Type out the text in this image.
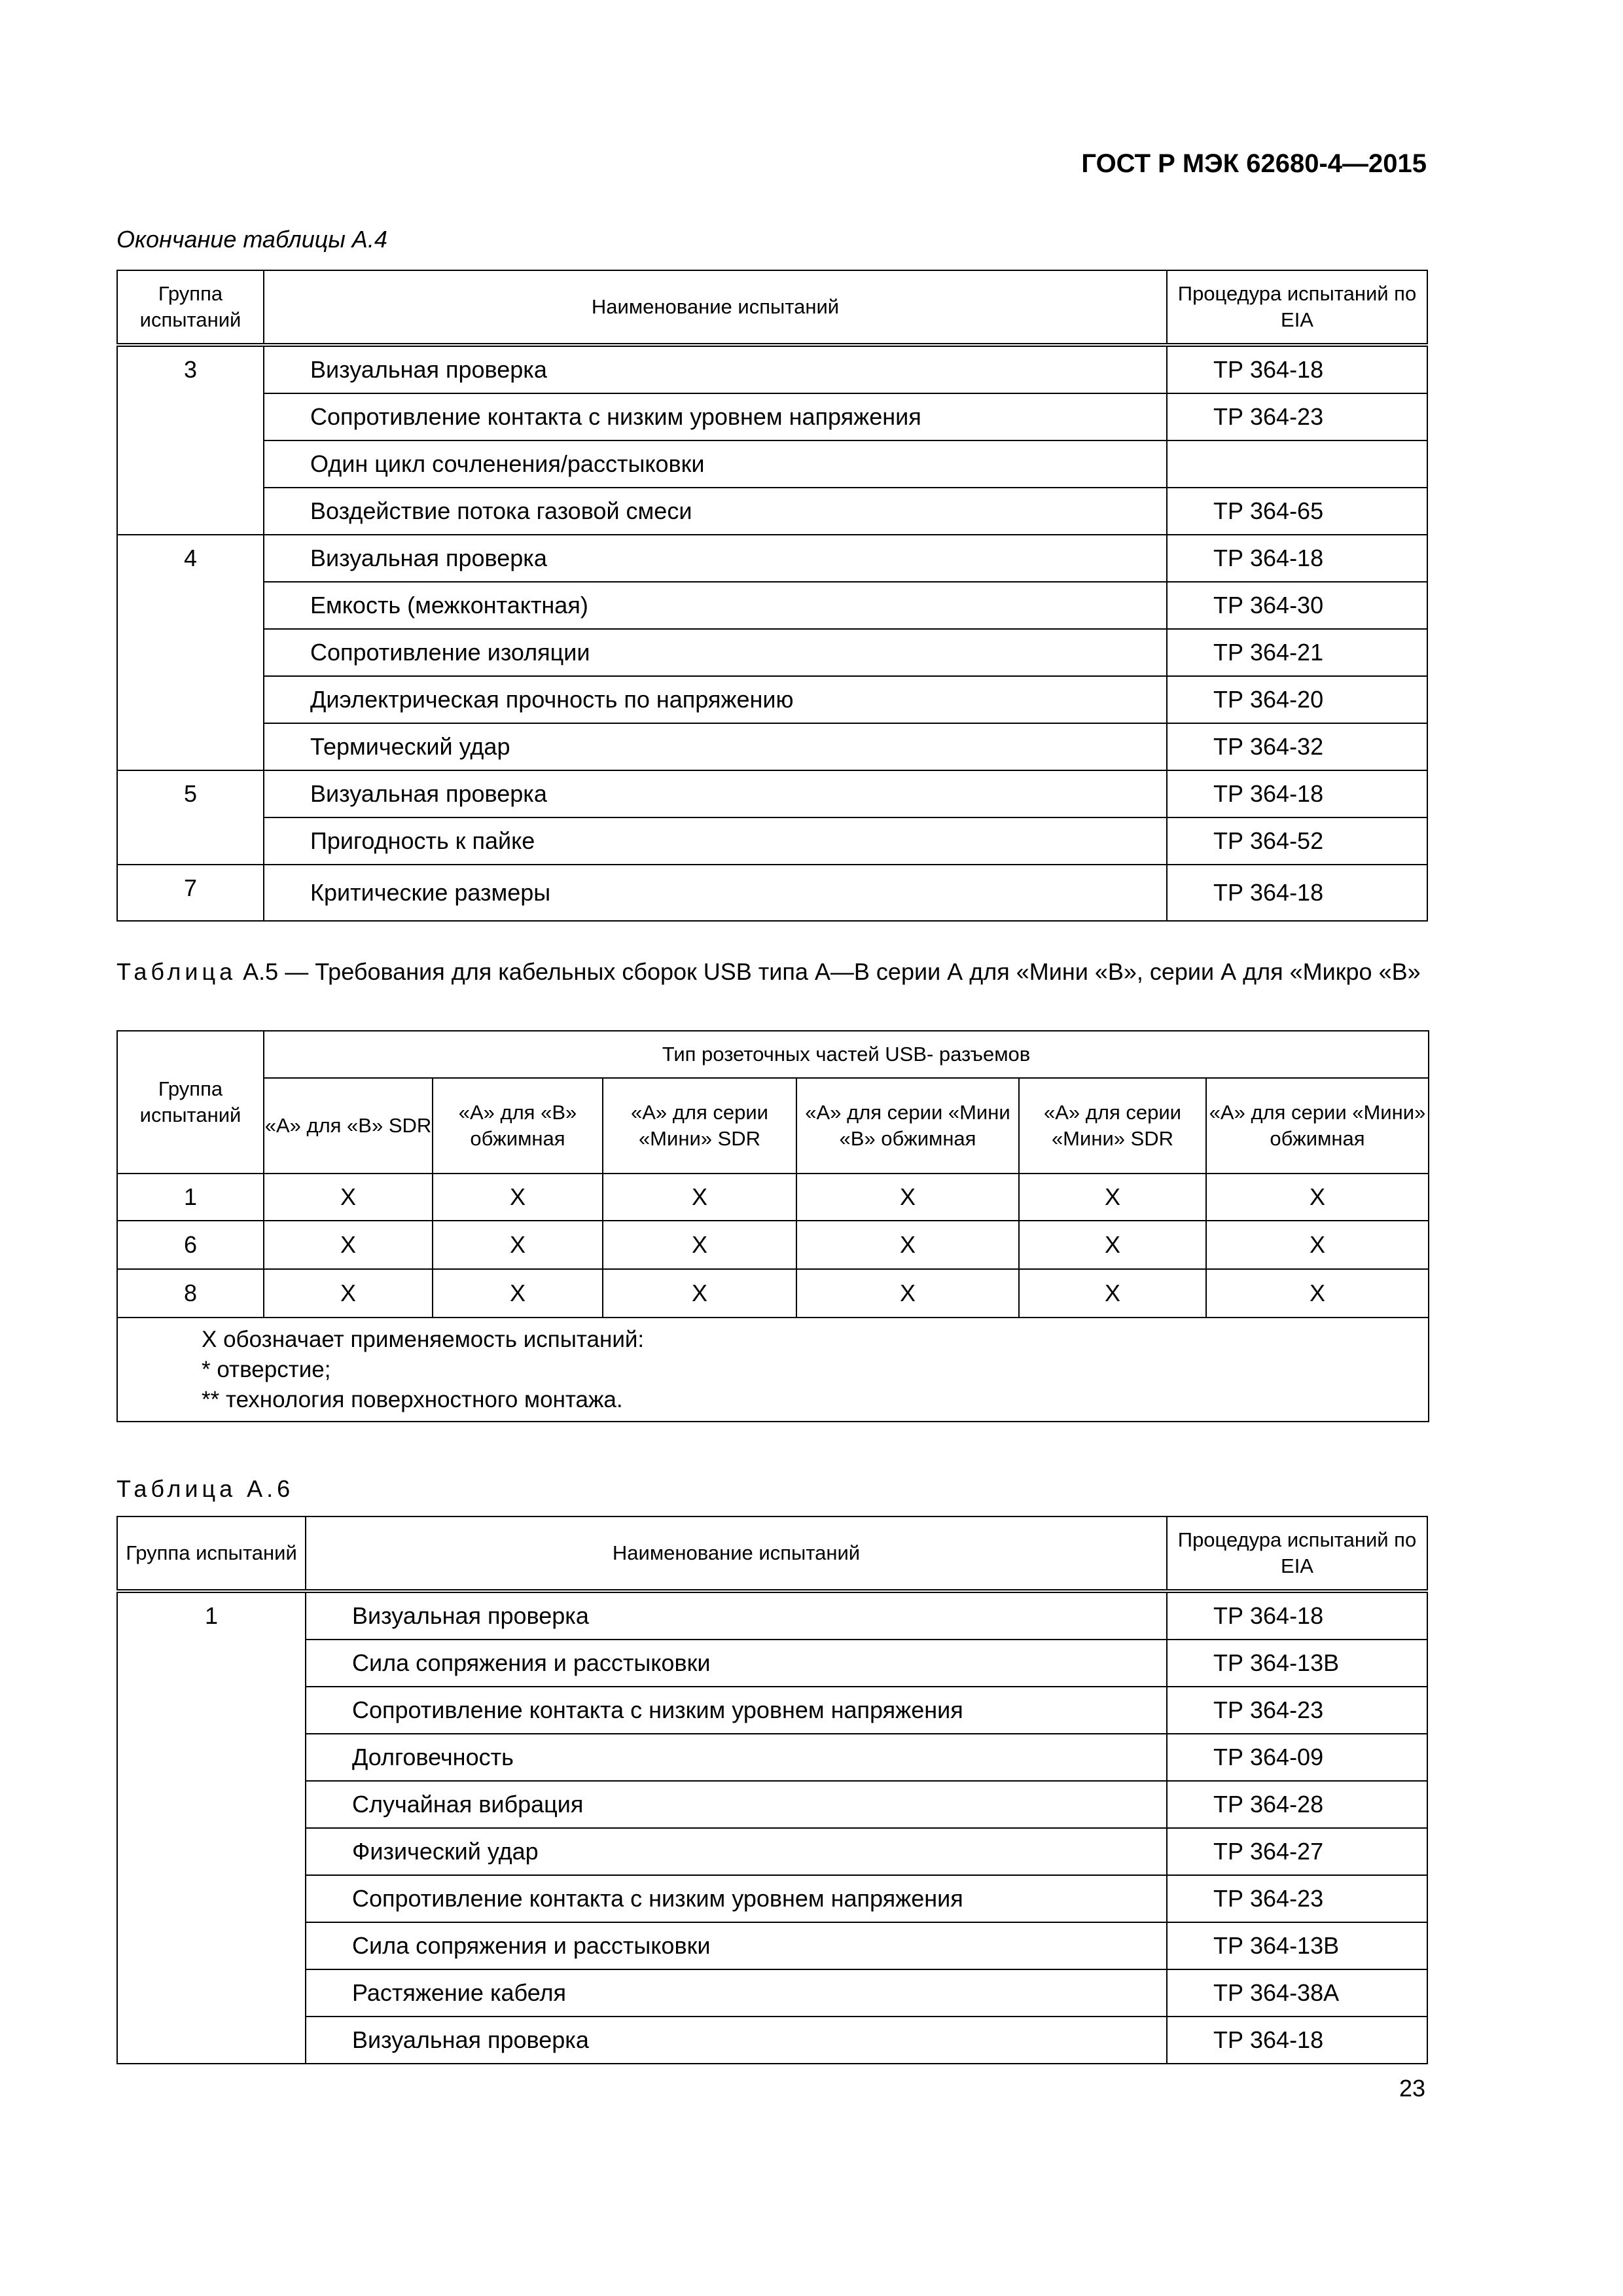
ГОСТ Р МЭК 62680-4—2015
Окончание таблицы А.4
Группа испытаний	Наименование испытаний	Процедура испытаний по EIA
3	Визуальная проверка	ТР 364-18
	Сопротивление контакта с низким уровнем напряжения	ТР 364-23
	Один цикл сочленения/расстыковки	
	Воздействие потока газовой смеси	ТР 364-65
4	Визуальная проверка	ТР 364-18
	Емкость (межконтактная)	ТР 364-30
	Сопротивление изоляции	ТР 364-21
	Диэлектрическая прочность по напряжению	ТР 364-20
	Термический удар	ТР 364-32
5	Визуальная проверка	ТР 364-18
	Пригодность к пайке	ТР 364-52
7	Критические размеры	ТР 364-18
Таблица А.5 — Требования для кабельных сборок USB типа А—В серии А для «Мини «В», серии А для «Микро «В»
Группа испытаний	Тип розеточных частей USB- разъемов					
	«А» для «В» SDR	«А» для «В» обжимная	«А» для серии «Мини» SDR	«А» для серии «Мини «В» обжимная	«А» для серии «Мини» SDR	«А» для серии «Мини» обжимная
1	X	X	X	X	X	X
6	X	X	X	X	X	X
8	X	X	X	X	X	X

X обозначает применяемость испытаний:
* отверстие;
** технология поверхностного монтажа.						
Таблица А.6
Группа испытаний	Наименование испытаний	Процедура испытаний по EIA
1	Визуальная проверка	ТР 364-18
	Сила сопряжения и расстыковки	ТР 364-13В
	Сопротивление контакта с низким уровнем напряжения	ТР 364-23
	Долговечность	ТР 364-09
	Случайная вибрация	ТР 364-28
	Физический удар	ТР 364-27
	Сопротивление контакта с низким уровнем напряжения	ТР 364-23
	Сила сопряжения и расстыковки	ТР 364-13В
	Растяжение кабеля	ТР 364-38А
	Визуальная проверка	ТР 364-18
23
